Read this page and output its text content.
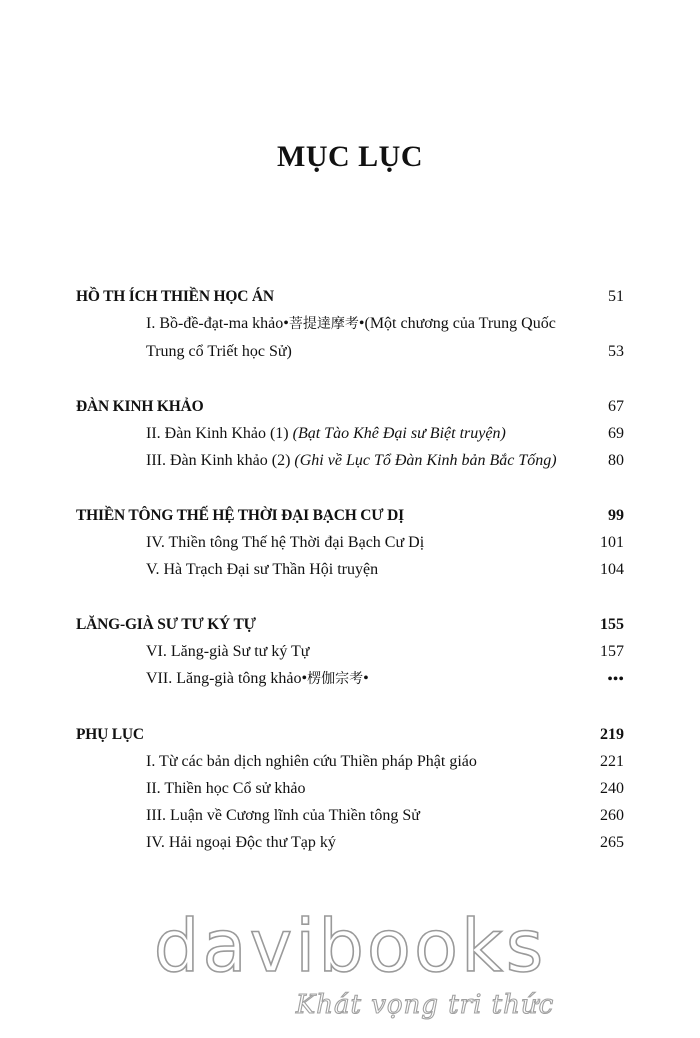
MỤC LỤC
HỒ TH ÍCH THIỀN HỌC ÁN	51
I. Bồ-đề-đạt-ma khảo•菩提達摩考•(Một chương của Trung Quốc Trung cổ Triết học Sử)	53
ĐÀN KINH KHẢO	67
II. Đàn Kinh Khảo (1) (Bạt Tào Khê Đại sư Biệt truyện)	69
III. Đàn Kinh khảo (2) (Ghi về Lục Tổ Đàn Kinh bản Bắc Tống)	80
THIỀN TÔNG THẾ HỆ THỜI ĐẠI BẠCH CƯ DỊ	99
IV. Thiền tông Thế hệ Thời đại Bạch Cư Dị	101
V. Hà Trạch Đại sư Thần Hội truyện	104
LĂNG-GIÀ SƯ TƯ KÝ TỰ	155
VI. Lăng-già Sư tư ký Tự	157
VII. Lăng-già tông khảo•楞伽宗考•	•••
PHỤ LỤC	219
I. Từ các bản dịch nghiên cứu Thiền pháp Phật giáo	221
II. Thiền học Cổ sử khảo	240
III. Luận về Cương lĩnh của Thiền tông Sử	260
IV. Hải ngoại Độc thư Tạp ký	265
davibooks
Khát vọng tri thức
